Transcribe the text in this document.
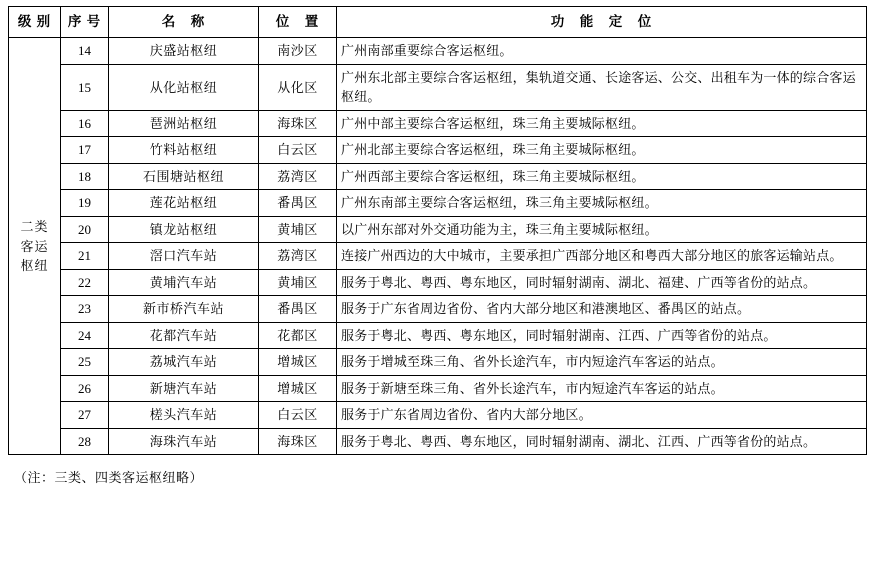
级 别	序 号	名　称	位　置	功　能　定　位

二类
客运
枢纽	14	庆盛站枢纽	南沙区	广州南部重要综合客运枢纽。
	15	从化站枢纽	从化区	广州东北部主要综合客运枢纽，集轨道交通、长途客运、公交、出租车为一体的综合客运枢纽。
	16	琶洲站枢纽	海珠区	广州中部主要综合客运枢纽，珠三角主要城际枢纽。
	17	竹料站枢纽	白云区	广州北部主要综合客运枢纽，珠三角主要城际枢纽。
	18	石围塘站枢纽	荔湾区	广州西部主要综合客运枢纽，珠三角主要城际枢纽。
	19	莲花站枢纽	番禺区	广州东南部主要综合客运枢纽，珠三角主要城际枢纽。
	20	镇龙站枢纽	黄埔区	以广州东部对外交通功能为主，珠三角主要城际枢纽。
	21	滘口汽车站	荔湾区	连接广州西边的大中城市，主要承担广西部分地区和粤西大部分地区的旅客运输站点。
	22	黄埔汽车站	黄埔区	服务于粤北、粤西、粤东地区，同时辐射湖南、湖北、福建、广西等省份的站点。
	23	新市桥汽车站	番禺区	服务于广东省周边省份、省内大部分地区和港澳地区、番禺区的站点。
	24	花都汽车站	花都区	服务于粤北、粤西、粤东地区，同时辐射湖南、江西、广西等省份的站点。
	25	荔城汽车站	增城区	服务于增城至珠三角、省外长途汽车，市内短途汽车客运的站点。
	26	新塘汽车站	增城区	服务于新塘至珠三角、省外长途汽车，市内短途汽车客运的站点。
	27	槎头汽车站	白云区	服务于广东省周边省份、省内大部分地区。
	28	海珠汽车站	海珠区	服务于粤北、粤西、粤东地区，同时辐射湖南、湖北、江西、广西等省份的站点。
（注：三类、四类客运枢纽略）
